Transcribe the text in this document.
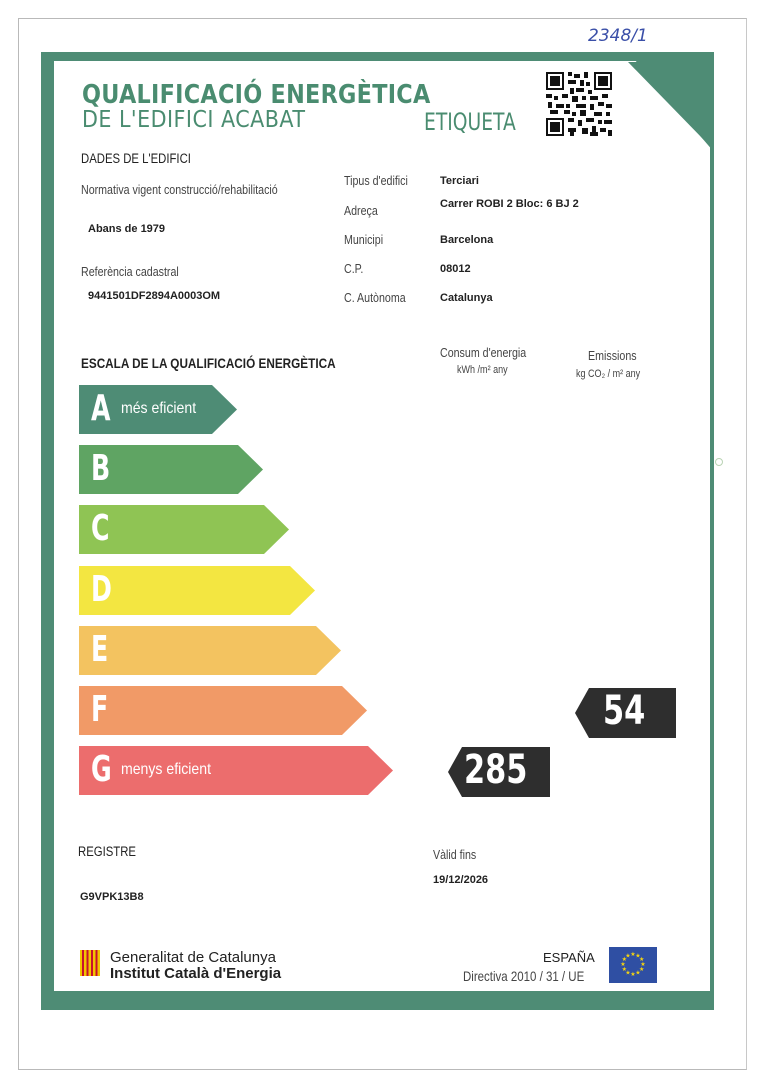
2348/1
QUALIFICACIÓ ENERGÈTICA
DE L'EDIFICI ACABAT	ETIQUETA
DADES DE L'EDIFICI
Normativa vigent construcció/rehabilitació
Abans de 1979
Referència cadastral
9441501DF2894A0003OM
Tipus d'edifici	Terciari
Adreça	Carrer ROBI 2 Bloc: 6 BJ 2
Municipi	Barcelona
C.P.	08012
C. Autònoma	Catalunya
ESCALA DE LA QUALIFICACIÓ ENERGÈTICA
Consum d'energia
kWh /m² any
Emissions
kg CO₂ / m² any
A més eficient
B
C
D
E
F
G menys eficient	285
54
REGISTRE
G9VPK13B8
Vàlid fins
19/12/2026
Generalitat de Catalunya
Institut Català d'Energia
ESPAÑA
Directiva 2010 / 31 / UE
★ ★
★
★
★
★
★
★
★
★
★
★
